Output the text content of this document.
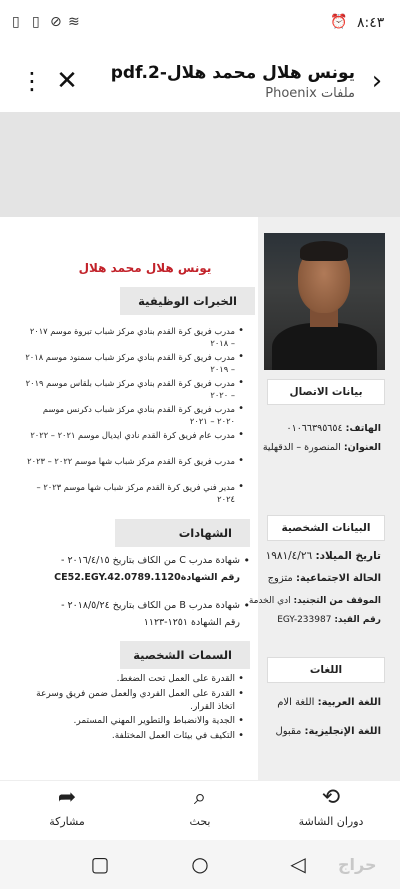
٨:٤٣
⏰
▯ ▯ ⊘ ≋
›
يونس هلال محمد هلال-pdf.2
ملفات Phoenix
✕
⋮
بيانات الاتصال
الهاتف: ٠١٠٦٦٣٩٥٦٥٤
العنوان: المنصورة – الدقهلية
البيانات الشخصية
تاريخ الميلاد: ١٩٨١/٤/٢٦
الحالة الاجتماعية: متزوج
الموقف من التجنيد: ادي الخدمة
رقم القيد: EGY-233987
اللغات
اللغة العربية: اللغة الام
اللغة الإنجليزية: مقبول
يونس هلال محمد هلال
الخبرات الوظيفية
• مدرب فريق كرة القدم بنادي مركز شباب تبروة موسم ٢٠١٧ – ٢٠١٨
• مدرب فريق كرة القدم بنادي مركز شباب سمنود موسم ٢٠١٨ – ٢٠١٩
• مدرب فريق كرة القدم بنادي مركز شباب بلقاس موسم ٢٠١٩ – ٢٠٢٠
• مدرب فريق كرة القدم بنادي مركز شباب دكرنس موسم ٢٠٢٠ – ٢٠٢١
• مدرب عام فريق كرة القدم نادي ايديال موسم ٢٠٢١ – ٢٠٢٢
• مدرب فريق كرة القدم مركز شباب شها موسم ٢٠٢٢ – ٢٠٢٣
• مدير فني فريق كرة القدم مركز شباب شها موسم ٢٠٢٣ – ٢٠٢٤
الشهادات
• شهادة مدرب C من الكاف بتاريخ ٢٠١٦/٤/١٥ -
رقم الشهادةCE52.EGY.42.0789.1120
• شهادة مدرب B من الكاف بتاريخ ٢٠١٨/٥/٢٤ -
رقم الشهادة ١٢٥١-١١٢٣
السمات الشخصية
• القدرة على العمل تحت الضغط.
• القدرة على العمل الفردي والعمل ضمن فريق وسرعة اتخاذ القرار.
• الجدية والانضباط والتطوير المهني المستمر.
• التكيف في بيئات العمل المختلفة.
⟲
دوران الشاشة
⌕
بحث
➦
مشاركة
▢	○	◁	حراج
